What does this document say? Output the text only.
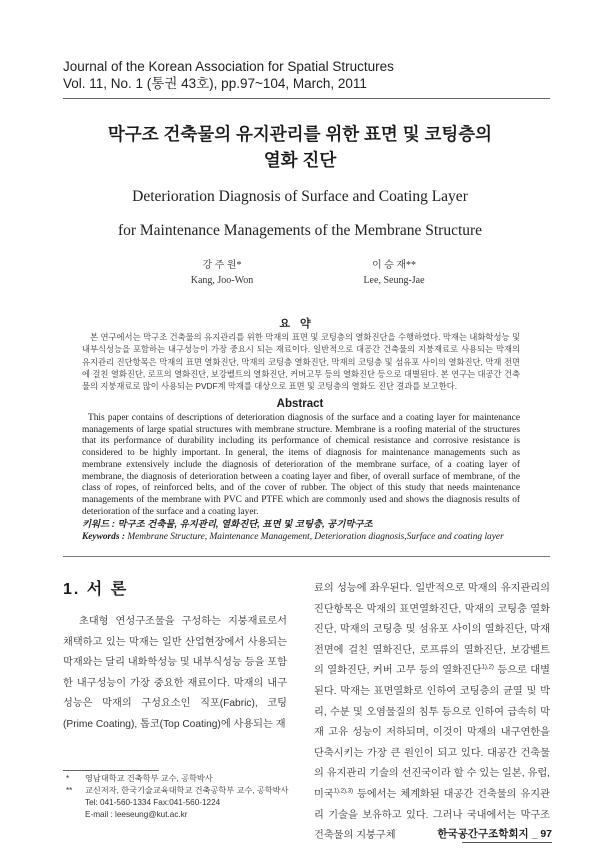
Journal of the Korean Association for Spatial Structures
Vol. 11, No. 1 (통권 43호), pp.97~104, March, 2011
막구조 건축물의 유지관리를 위한 표면 및 코팅층의
열화 진단
Deterioration Diagnosis of Surface and Coating Layer
for Maintenance Managements of the Membrane Structure
강 주 원*
Kang, Joo-Won
이 승 재**
Lee, Seung-Jae
요약
본 연구에서는 막구조 건축물의 유지관리를 위한 막재의 표면 및 코팅층의 열화진단을 수행하였다. 막재는 내화학성능 및 내부식성능을 포함하는 내구성능이 가장 중요시 되는 재료이다. 일반적으로 대공간 건축물의 지붕재료로 사용되는 막재의 유지관리 진단항목은 막재의 표면 열화진단, 막재의 코팅층 열화진단, 막재의 코팅층 및 섬유포 사이의 열화진단, 막재 전면에 걸친 열화진단, 로프의 열화진단, 보강벨트의 열화진단, 커버고무 등의 열화진단 등으로 대별된다. 본 연구는 대공간 건축물의 지붕재료로 많이 사용되는 PVDF계 막재를 대상으로 표면 및 코팅층의 열화도 진단 결과를 보고한다.
Abstract
This paper contains of descriptions of deterioration diagnosis of the surface and a coating layer for maintenance managements of large spatial structures with membrane structure. Membrane is a roofing material of the structures that its performance of durability including its performance of chemical resistance and corrosive resistance is considered to be highly important. In general, the items of diagnosis for maintenance managements such as membrane extensively include the diagnosis of deterioration of the membrane surface, of a coating layer of membrane, the diagnosis of deterioration between a coating layer and fiber, of overall surface of membrane, of the class of ropes, of reinforced belts, and of the cover of rubber. The object of this study that needs maintenance managements of the membrane with PVC and PTFE which are commonly used and shows the diagnosis results of deterioration of the surface and a coating layer.
키워드 : 막구조 건축물, 유지관리, 열화진단, 표면 및 코팅층, 공기막구조
Keywords : Membrane Structure, Maintenance Management, Deterioration diagnosis,Surface and coating layer
1. 서 론
초대형 연성구조물을 구성하는 지붕재료로서 채택하고 있는 막재는 일반 산업현장에서 사용되는 막재와는 달리 내화학성능 및 내부식성능 등을 포함한 내구성능이 가장 중요한 재료이다. 막재의 내구성능은 막재의 구성요소인 직포(Fabric), 코팅(Prime Coating), 톱코(Top Coating)에 사용되는 재
료의 성능에 좌우된다. 일반적으로 막재의 유지관리의 진단항목은 막재의 표면열화진단, 막재의 코팅층 열화진단, 막재의 코팅층 및 섬유포 사이의 열화진단, 막재 전면에 걸친 열화진단, 로프류의 열화진단, 보강벨트의 열화진단, 커버 고무 등의 열화진단$^{1),2)}$ 등으로 대별된다. 막재는 표면열화로 인하여 코팅층의 균열 및 박리, 수분 및 오염물질의 침투 등으로 인하여 급속히 막재 고유 성능이 저하되며, 이것이 막재의 내구연한을 단축시키는 가장 큰 원인이 되고 있다. 대공간 건축물의 유지관리 기술의 선진국이라 할 수 있는 일본, 유럽, 미국$^{1),2),3)}$ 등에서는 체계화된 대공간 건축물의 유지관리 기술을 보유하고 있다. 그러나 국내에서는 막구조 건축물의 지붕구체
* 영남대학교 건축학부 교수, 공학박사
** 교신저자, 한국기술교육대학교 건축공학부 교수, 공학박사
Tel: 041-560-1334 Fax:041-560-1224
E-mail : leeseung@kut.ac.kr
한국공간구조학회지 _ 97
